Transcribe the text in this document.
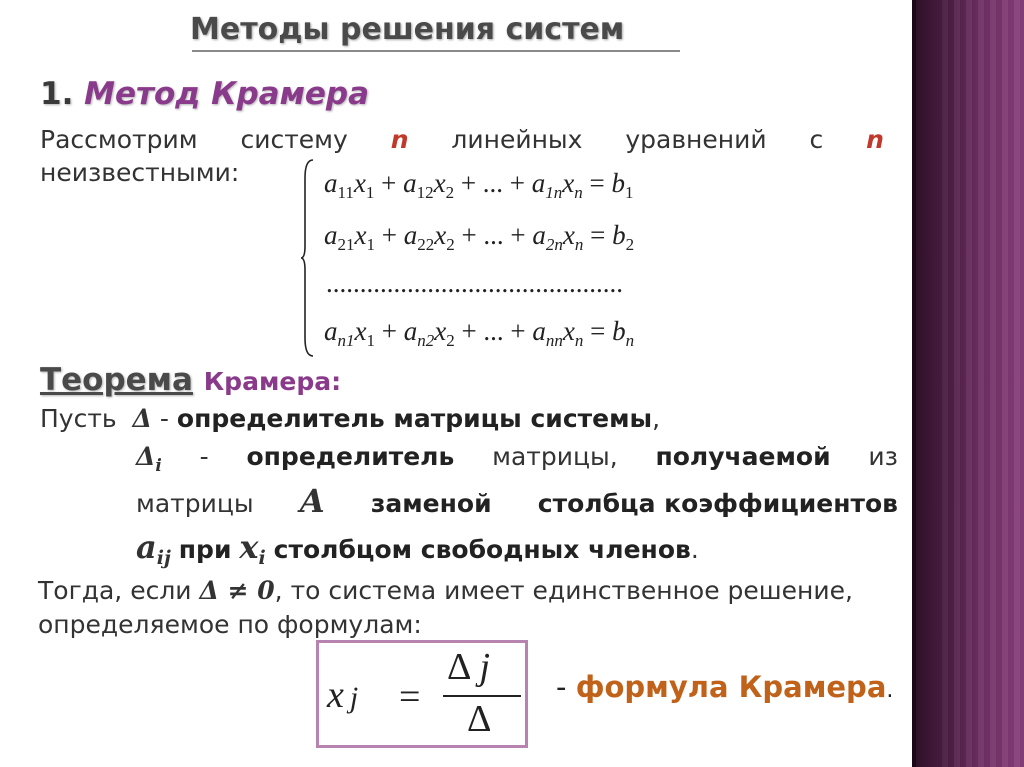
Методы решения систем
1. Метод Крамера
Рассмотрим систему n линейных уравнений с n
неизвестными:	$a_{11}x_1 + a_{12}x_2$ + ... + $a_{1n}x_n = b_1$
$a_{21}x_1 + a_{22}x_2$ + ... + $a_{2n}x_n = b_2$
............................................
$a_{n1}x_1 + a_{n2}x_2$ + ... + $a_{nn}x_n = b_n$
Теорема Крамера:
Пусть Δ - определитель матрицы системы,
$\Delta_i$ - определитель матрицы, получаемой из
матрицы A заменой столбца коэффициентов
$a_{ij}$ при $x_i$ столбцом свободных членов.
Тогда, если Δ ≠ 0, то система имеет единственное решение,
определяемое по формулам:
x j =
Δ j
Δ
- формула Крамера.
